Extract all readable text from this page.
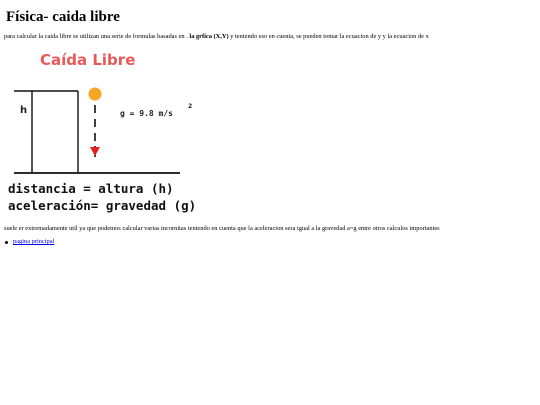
Física- caida libre

para calcular la caida libre se utilizan una serie de formulas basadas en . la grfica (X,Y) y teniendo eso en cuenta, se pueden tomar la ecuacion de y y la ecuacion de x

Caída Libre
h	g = 9.8 m/s
2
distancia = altura (h)
aceleración= gravedad (g)

suele er extremadamente util ya que podemos calcular varias incornitas teniendo en cuenta que la aceleracion sera igual a la gravedad a=g entre otros calculos importantes

pagina principal
